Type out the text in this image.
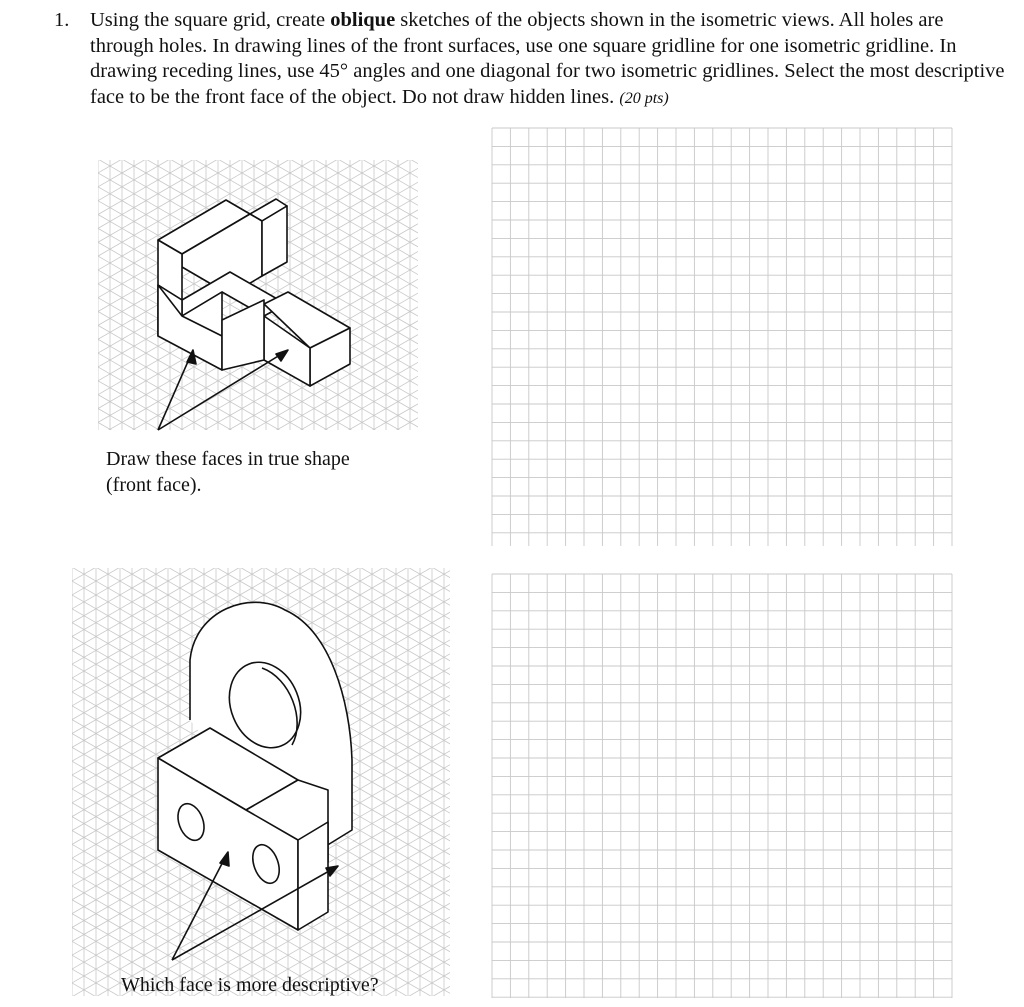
1. Using the square grid, create oblique sketches of the objects shown in the isometric views. All holes are through holes. In drawing lines of the front surfaces, use one square gridline for one isometric gridline. In drawing receding lines, use 45° angles and one diagonal for two isometric gridlines. Select the most descriptive face to be the front face of the object. Do not draw hidden lines. (20 pts)
Draw these faces in true shape
(front face).
Which face is more descriptive?
